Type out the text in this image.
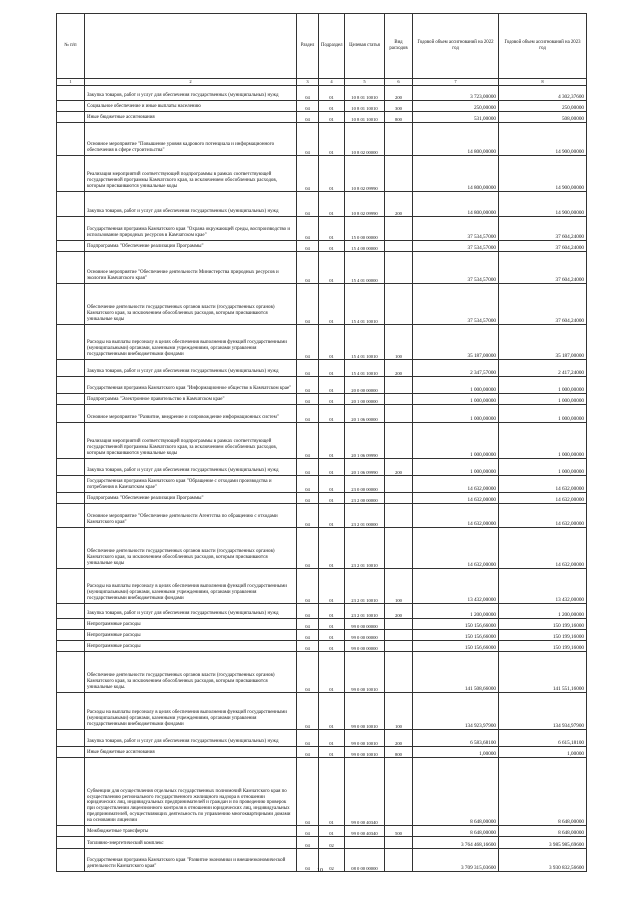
№ п/п		Раздел	Подраздел	Целевая статья	Вид расходов	Годовой объем ассигнований на 2022 год	Годовой объем ассигнований на 2023 год
1	2	3	4	5	6	7	8
	Закупка товаров, работ и услуг для обеспечения государственных (муниципальных) нужд	04	01	10 8 01 10010	200	3 723,00000	4 302,37600
	Социальное обеспечение и иные выплаты населению	04	01	10 8 01 10010	300	250,00000	250,00000
	Иные бюджетные ассигнования	04	01	10 8 01 10010	800	531,00000	508,00000
	Основное мероприятие "Повышение уровня кадрового потенциала и информационного обеспечения в сфере строительства"	04	01	10 8 02 00000		14 800,00000	14 900,00000
	Реализация мероприятий соответствующей подпрограммы в рамках соответствующей государственной программы Камчатского края, за исключением обособленных расходов, которым присваиваются уникальные коды	04	01	10 8 02 09990		14 800,00000	14 900,00000
	Закупка товаров, работ и услуг для обеспечения государственных (муниципальных) нужд	04	01	10 8 02 09990	200	14 800,00000	14 900,00000
	Государственная программа Камчатского края "Охрана окружающей среды, воспроизводство и использование природных ресурсов в Камчатском крае"	04	01	15 0 00 00000		37 534,57000	37 604,24000
	Подпрограмма "Обеспечение реализации Программы"	04	01	15 4 00 00000		37 534,57000	37 604,24000
	Основное мероприятие "Обеспечение деятельности Министерства природных ресурсов и экологии Камчатского края"	04	01	15 4 01 00000		37 534,57000	37 604,24000
	Обеспечение деятельности государственных органов власти (государственных органов) Камчатского края, за исключением обособленных расходов, которым присваиваются уникальные коды	04	01	15 4 01 10010		37 534,57000	37 604,24000
	Расходы на выплаты персоналу в целях обеспечения выполнения функций государственными (муниципальными) органами, казенными учреждениями, органами управления государственными внебюджетными фондами	04	01	15 4 01 10010	100	35 187,00000	35 187,00000
	Закупка товаров, работ и услуг для обеспечения государственных (муниципальных) нужд	04	01	15 4 01 10010	200	2 347,57000	2 417,24000
	Государственная программа Камчатского края "Информационное общество в Камчатском крае"	04	01	20 0 00 00000		1 000,00000	1 000,00000
	Подпрограмма "Электронное правительство в Камчатском крае"	04	01	20 1 00 00000		1 000,00000	1 000,00000
	Основное мероприятие "Развитие, внедрение и сопровождение информационных систем"	04	01	20 1 06 00000		1 000,00000	1 000,00000
	Реализация мероприятий соответствующей подпрограммы в рамках соответствующей государственной программы Камчатского края, за исключением обособленных расходов, которым присваиваются уникальные коды	04	01	20 1 06 09990		1 000,00000	1 000,00000
	Закупка товаров, работ и услуг для обеспечения государственных (муниципальных) нужд	04	01	20 1 06 09990	200	1 000,00000	1 000,00000
	Государственная программа Камчатского края "Обращение с отходами производства и потребления в Камчатском крае"	04	01	23 0 00 00000		14 632,00000	14 632,00000
	Подпрограмма "Обеспечение реализации Программы"	04	01	23 2 00 00000		14 632,00000	14 632,00000
	Основное мероприятие "Обеспечение деятельности Агентства по обращению с отходами Камчатского края"	04	01	23 2 01 00000		14 632,00000	14 632,00000
	Обеспечение деятельности государственных органов власти (государственных органов) Камчатского края, за исключением обособленных расходов, которым присваиваются уникальные коды	04	01	23 2 01 10010		14 632,00000	14 632,00000
	Расходы на выплаты персоналу в целях обеспечения выполнения функций государственными (муниципальными) органами, казенными учреждениями, органами управления государственными внебюджетными фондами	04	01	23 2 01 10010	100	13 432,00000	13 432,00000
	Закупка товаров, работ и услуг для обеспечения государственных (муниципальных) нужд	04	01	23 2 01 10010	200	1 200,00000	1 200,00000
	Непрограммные расходы	04	01	99 0 00 00000		150 156,66000	150 199,16000
	Непрограммные расходы	04	01	99 0 00 00000		150 156,66000	150 199,16000
	Непрограммные расходы	04	01	99 0 00 00000		150 156,66000	150 199,16000
	Обеспечение деятельности государственных органов власти (государственных органов) Камчатского края, за исключением обособленных расходов, которым присваиваются уникальные коды.	04	01	99 0 00 10010		141 508,66000	141 551,16000
	Расходы на выплаты персоналу в целях обеспечения выполнения функций государственными (муниципальными) органами, казенными учреждениями, органами управления государственными внебюджетными фондами	04	01	99 0 00 10010	100	134 923,97900	134 934,97900
	Закупка товаров, работ и услуг для обеспечения государственных (муниципальных) нужд	04	01	99 0 00 10010	200	6 583,68100	6 615,18100
	Иные бюджетные ассигнования	04	01	99 0 00 10010	800	1,00000	1,00000
	Субвенции для осуществления отдельных государственных полномочий Камчатского края по осуществлению регионального государственного жилищного надзора в отношении юридических лиц, индивидуальных предпринимателей и граждан и по проведению проверок при осуществлении лицензионного контроля в отношении юридических лиц, индивидуальных предпринимателей, осуществляющих деятельность по управлению многоквартирными домами на основании лицензии	04	01	99 0 00 40340		8 648,00000	8 648,00000
	Межбюджетные трансферты	04	01	99 0 00 40340	500	8 648,00000	8 648,00000
	Топливно-энергетический комплекс	04	02			3 764 468,16600	3 985 985,69600
	Государственная программа Камчатского края "Развитие экономики и внешнеэкономической деятельности Камчатского края"	04	02	08 0 00 00000		3 709 315,03600	3 930 832,56600
10
